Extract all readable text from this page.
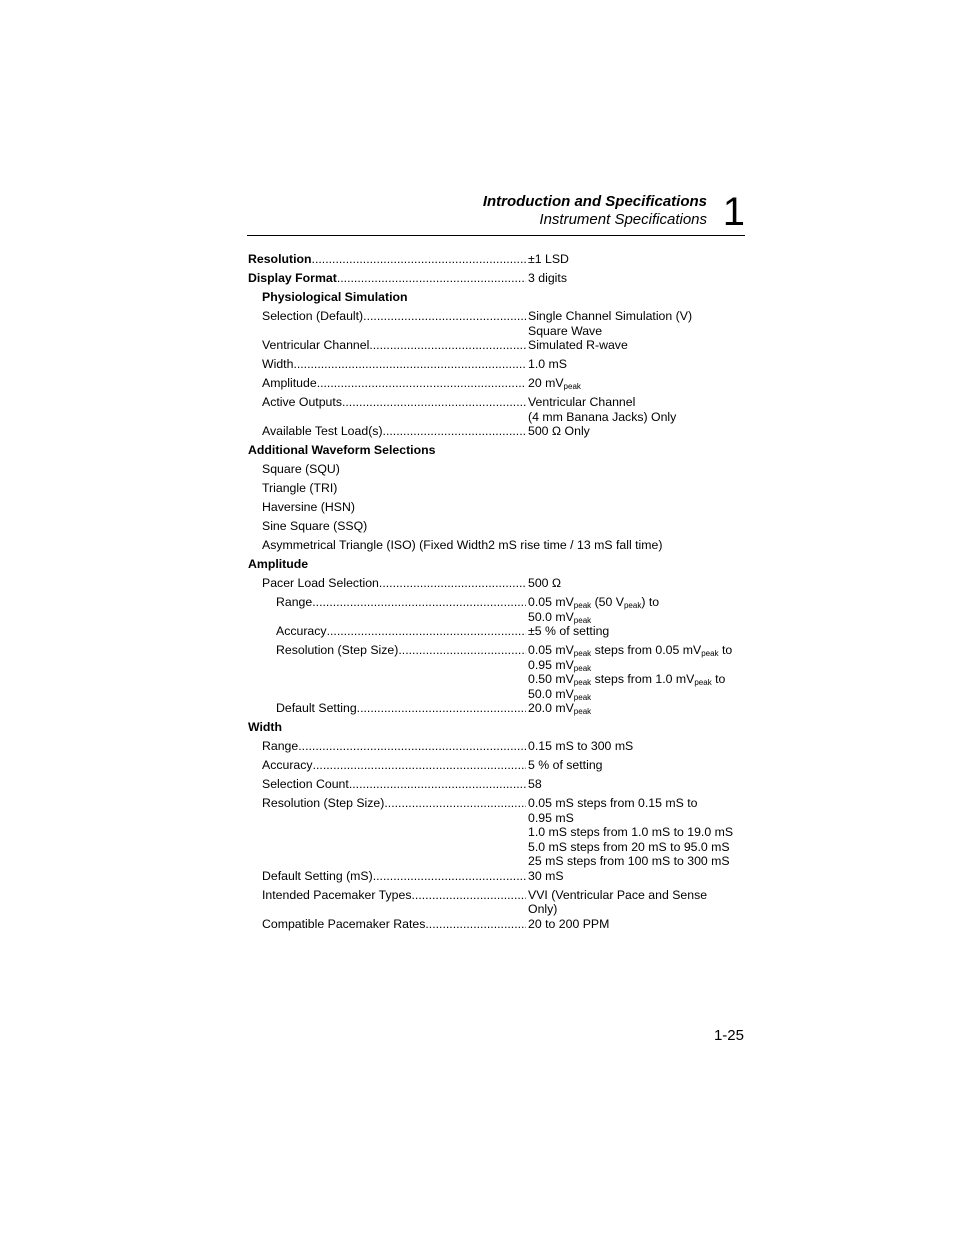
Introduction and Specifications
Instrument Specifications 1
Resolution .....	±1 LSD
Display Format .....	3 digits
Physiological Simulation
Selection (Default) .....	Single Channel Simulation (V)
Square Wave
Ventricular Channel .....	Simulated R-wave
Width .....	1.0 mS
Amplitude .....	20 $mV_{peak}$
Active Outputs .....	Ventricular Channel
(4 mm Banana Jacks) Only
Available Test Load(s) .....	500 Ω Only
Additional Waveform Selections
Square (SQU)
Triangle (TRI)
Haversine (HSN)
Sine Square (SSQ)
Asymmetrical Triangle (ISO) (Fixed Width2 mS rise time / 13 mS fall time)
Amplitude
Pacer Load Selection .....	500 Ω
Range .....	0.05 $mV_{peak}$ (50 $V_{peak}$) to
50.0 $mV_{peak}$
Accuracy .....	±5 % of setting
Resolution (Step Size) .....	0.05 $mV_{peak}$ steps from 0.05 $mV_{peak}$ to
0.95 $mV_{peak}$
0.50 $mV_{peak}$ steps from 1.0 $mV_{peak}$ to
50.0 $mV_{peak}$
Default Setting .....	20.0 $mV_{peak}$
Width
Range .....	0.15 mS to 300 mS
Accuracy .....	5 % of setting
Selection Count .....	58
Resolution (Step Size) .....	0.05 mS steps from 0.15 mS to
0.95 mS
1.0 mS steps from 1.0 mS to 19.0 mS
5.0 mS steps from 20 mS to 95.0 mS
25 mS steps from 100 mS to 300 mS
Default Setting (mS) .....	30 mS
Intended Pacemaker Types .....	VVI (Ventricular Pace and Sense
Only)
Compatible Pacemaker Rates .....	20 to 200 PPM
1-25
